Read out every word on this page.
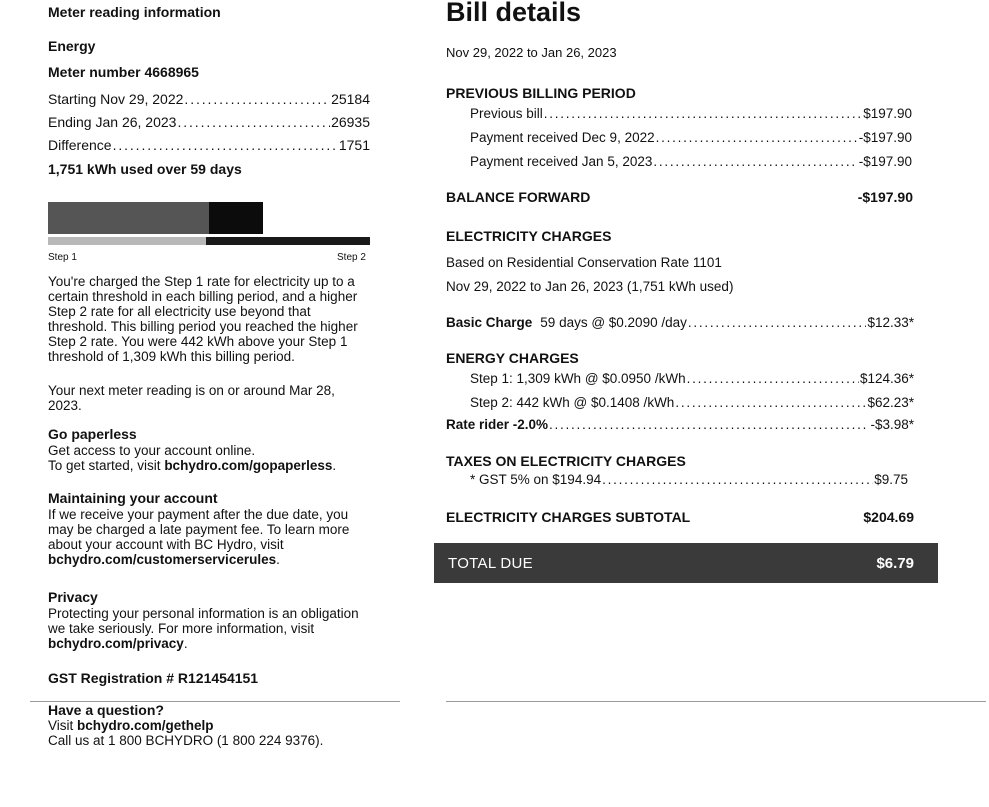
Meter reading information
Energy
Meter number 4668965
Starting Nov 29, 2022 . . .	25184
Ending Jan 26, 2023 . . .	26935
Difference . . .	1751
1,751 kWh used over 59 days
Step 1	Step 2
You're charged the Step 1 rate for electricity up to a certain threshold in each billing period, and a higher Step 2 rate for all electricity use beyond that threshold. This billing period you reached the higher Step 2 rate. You were 442 kWh above your Step 1 threshold of 1,309 kWh this billing period.
Your next meter reading is on or around Mar 28, 2023.
Go paperless
Get access to your account online.
To get started, visit bchydro.com/gopaperless.
Maintaining your account
If we receive your payment after the due date, you may be charged a late payment fee. To learn more about your account with BC Hydro, visit
bchydro.com/customerservicerules.
Privacy
Protecting your personal information is an obligation we take seriously. For more information, visit
bchydro.com/privacy.
GST Registration # R121454151
Have a question?
Visit bchydro.com/gethelp
Call us at 1 800 BCHYDRO (1 800 224 9376).
Bill details
Nov 29, 2022 to Jan 26, 2023
PREVIOUS BILLING PERIOD
Previous bill . . .	$197.90
Payment received Dec 9, 2022 . . .	-$197.90
Payment received Jan 5, 2023 . . .	-$197.90
BALANCE FORWARD	-$197.90
ELECTRICITY CHARGES
Based on Residential Conservation Rate 1101
Nov 29, 2022 to Jan 26, 2023 (1,751 kWh used)
Basic Charge 59 days @ $0.2090 /day . . .	$12.33*
ENERGY CHARGES
Step 1: 1,309 kWh @ $0.0950 /kWh . . .	$124.36*
Step 2: 442 kWh @ $0.1408 /kWh . . .	$62.23*
Rate rider -2.0% . . .	-$3.98*
TAXES ON ELECTRICITY CHARGES
* GST 5% on $194.94 . . .	$9.75
ELECTRICITY CHARGES SUBTOTAL	$204.69
TOTAL DUE	$6.79
